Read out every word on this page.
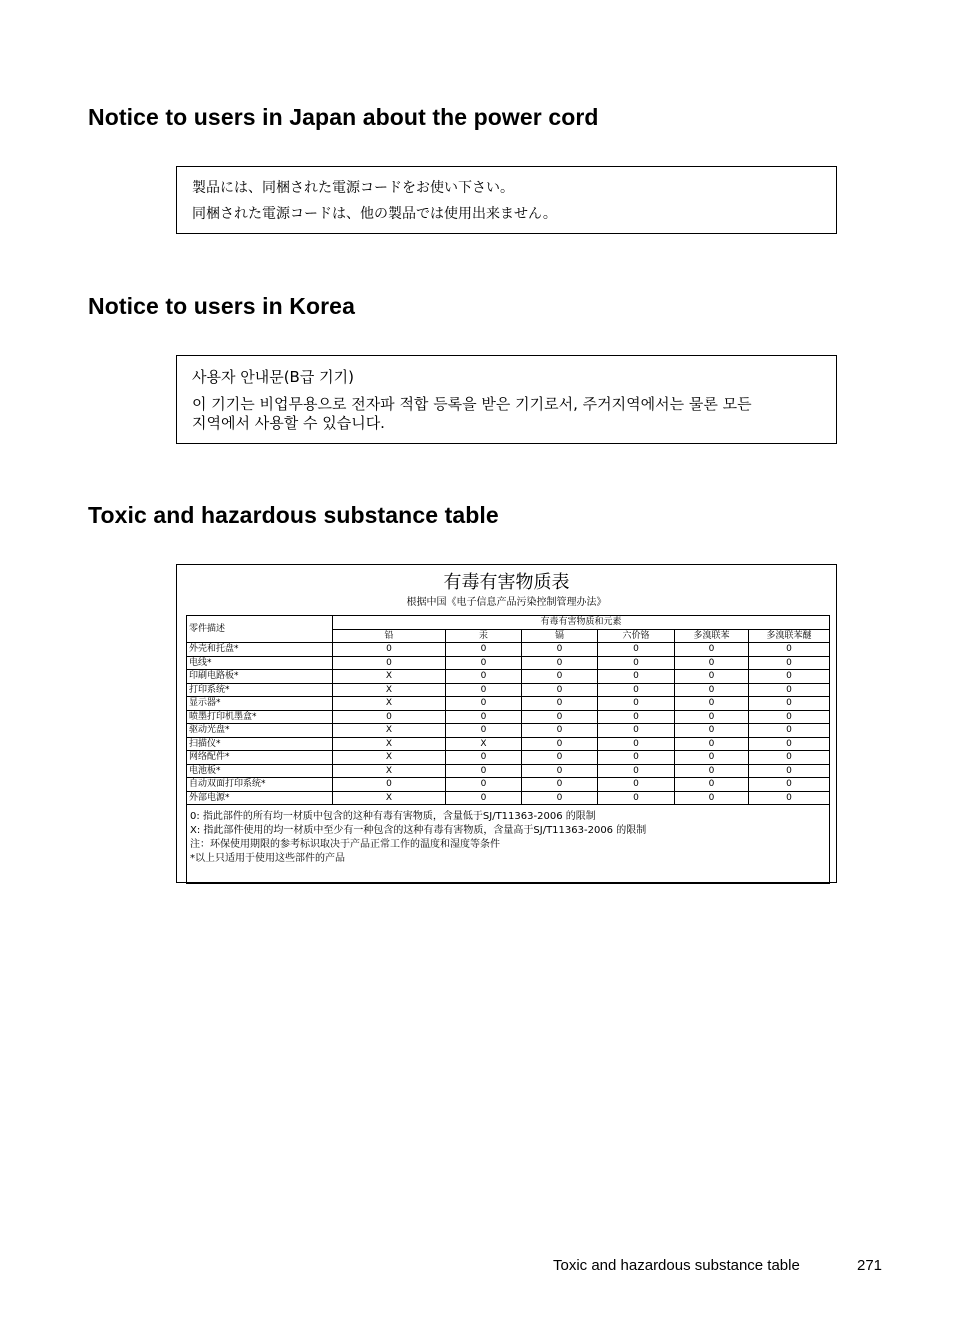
Notice to users in Japan about the power cord
製品には、同梱された電源コードをお使い下さい。
同梱された電源コードは、他の製品では使用出来ません。
Notice to users in Korea
사용자 안내문(B급 기기)
이 기기는 비업무용으로 전자파 적합 등록을 받은 기기로서, 주거지역에서는 물론 모든
지역에서 사용할 수 있습니다.
Toxic and hazardous substance table
有毒有害物质表
根据中国《电子信息产品污染控制管理办法》
零件描述	有毒有害物质和元素					
	铅	汞	镉	六价铬	多溴联苯	多溴联苯醚
外壳和托盘*	0	0	0	0	0	0
电线*	0	0	0	0	0	0
印刷电路板*	X	0	0	0	0	0
打印系统*	X	0	0	0	0	0
显示器*	X	0	0	0	0	0
喷墨打印机墨盒*	0	0	0	0	0	0
驱动光盘*	X	0	0	0	0	0
扫描仪*	X	X	0	0	0	0
网络配件*	X	0	0	0	0	0
电池板*	X	0	0	0	0	0
自动双面打印系统*	0	0	0	0	0	0
外部电源*	X	0	0	0	0	0

0: 指此部件的所有均一材质中包含的这种有毒有害物质，含量低于SJ/T11363-2006 的限制
X: 指此部件使用的均一材质中至少有一种包含的这种有毒有害物质，含量高于SJ/T11363-2006 的限制
注：环保使用期限的参考标识取决于产品正常工作的温度和湿度等条件
*以上只适用于使用这些部件的产品						
Toxic and hazardous substance table	271
